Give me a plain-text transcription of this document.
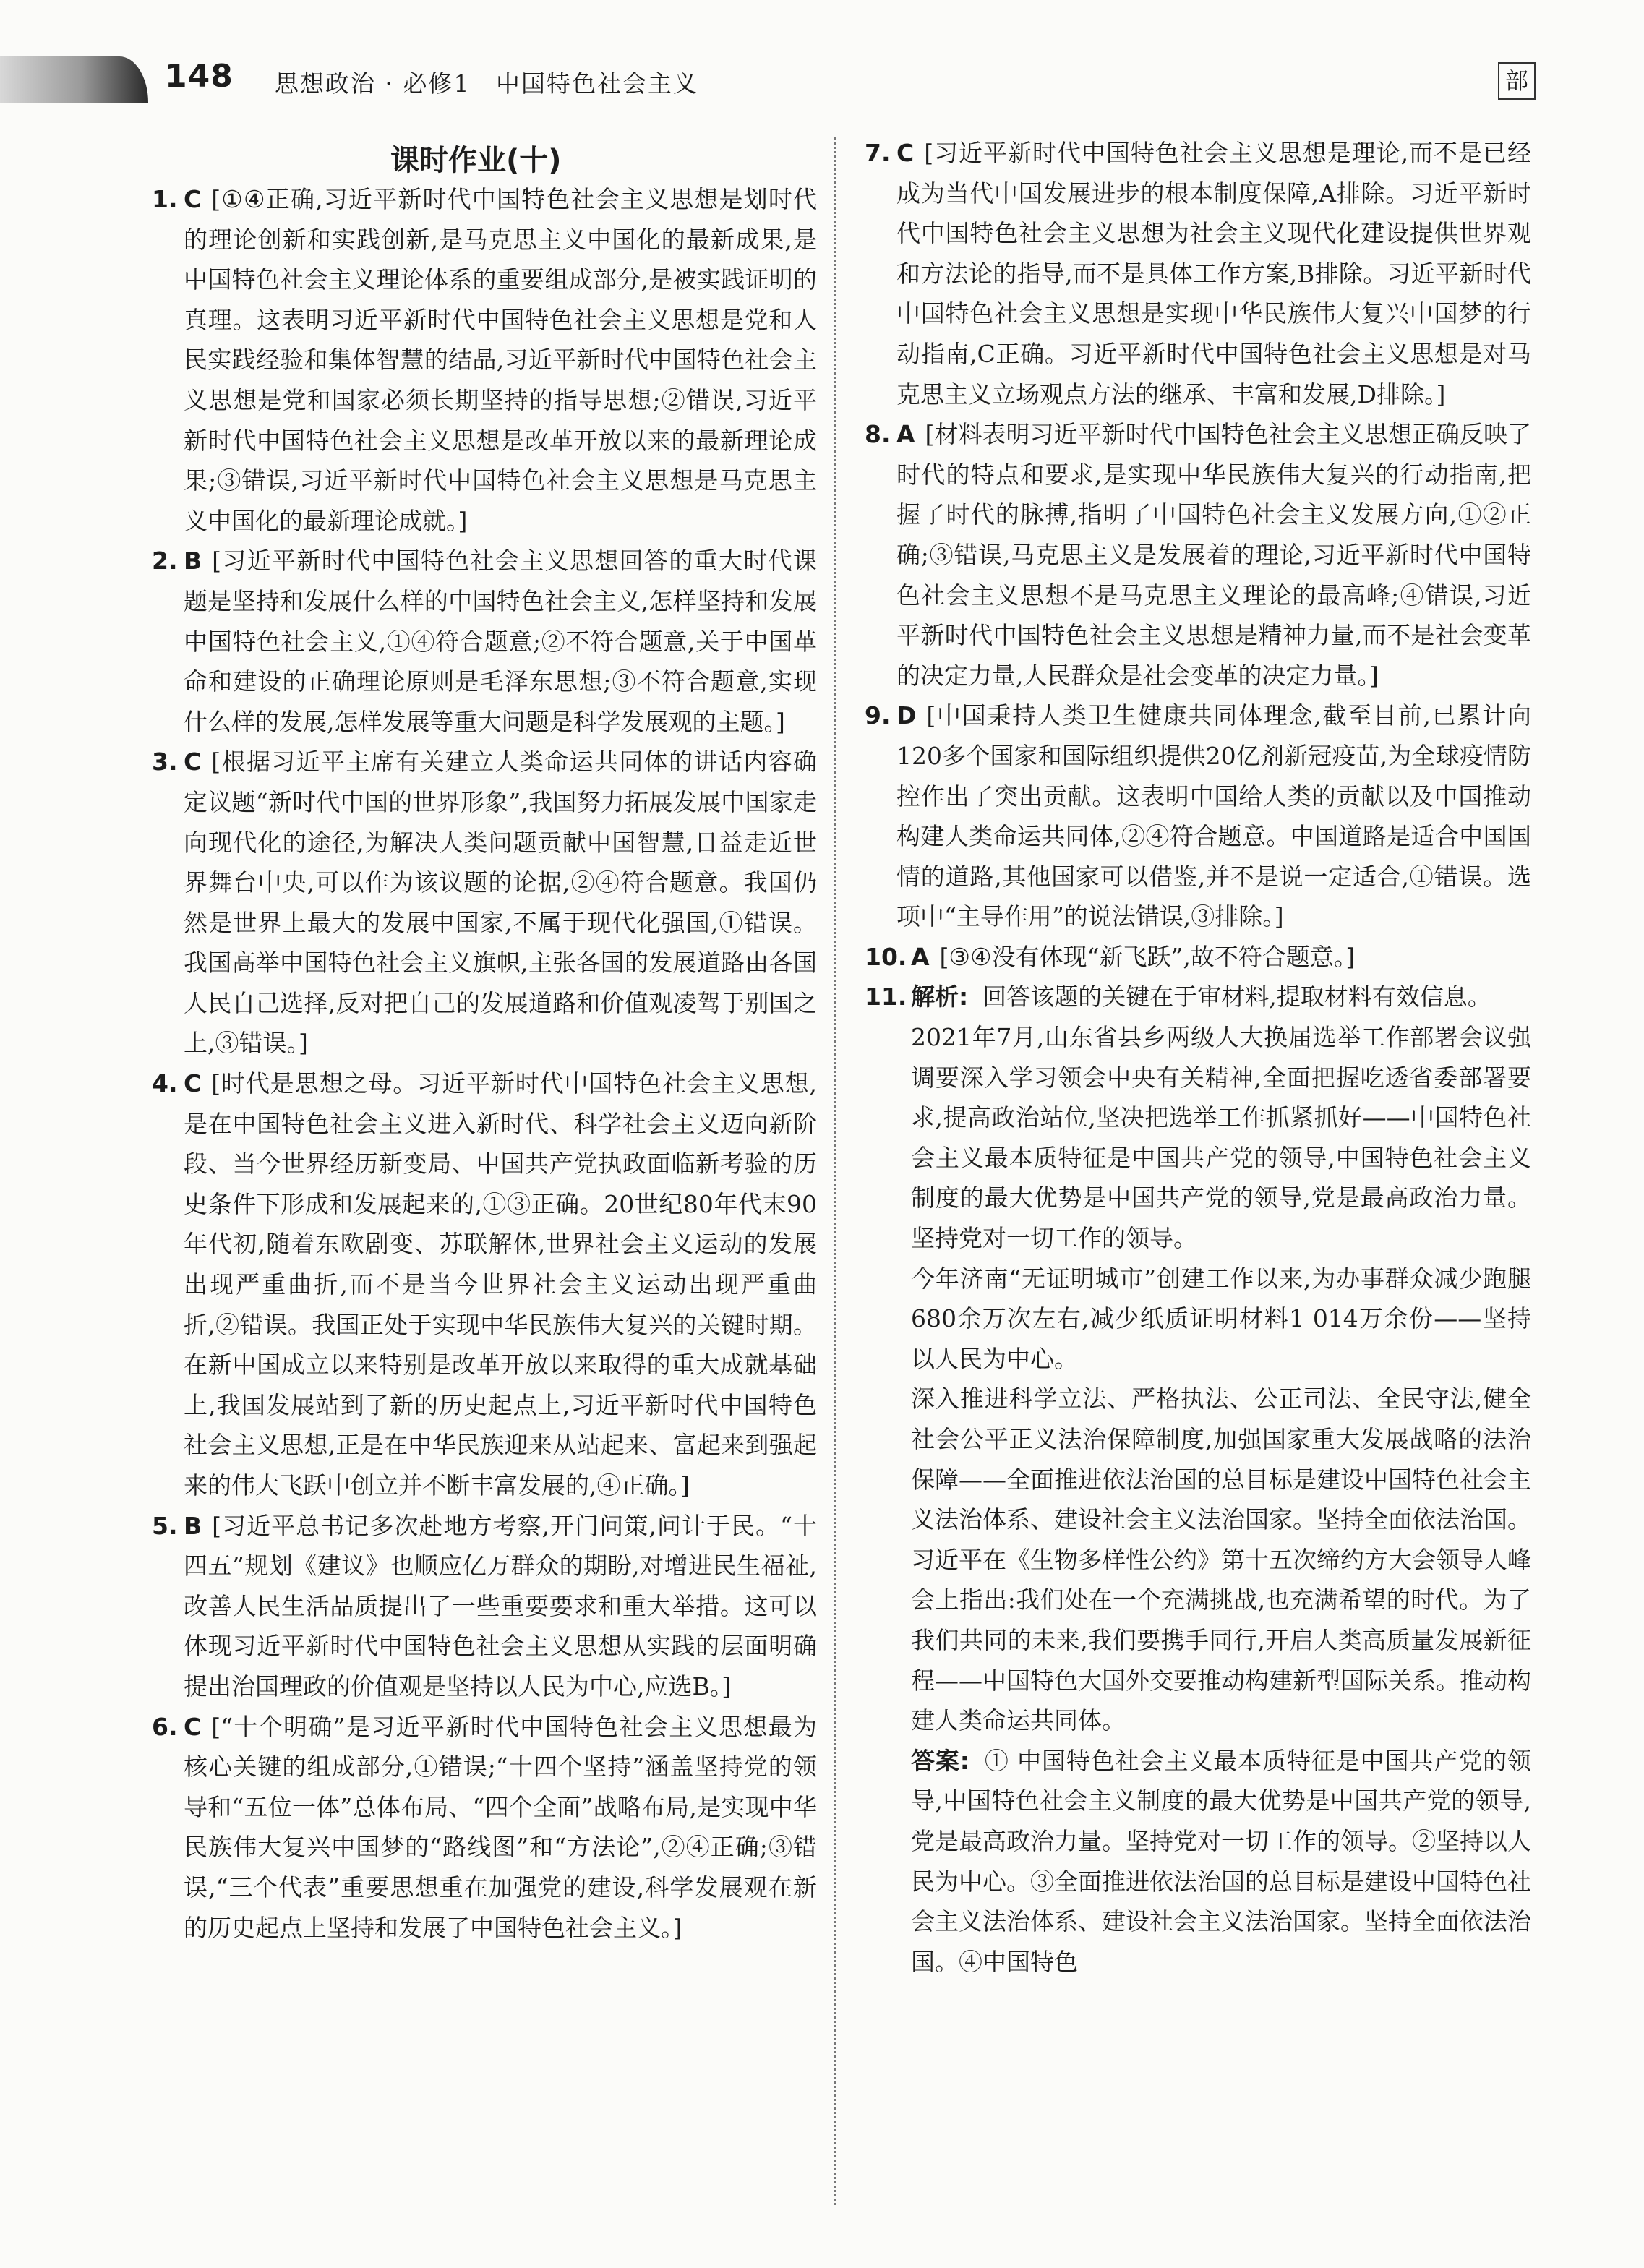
148 思想政治 · 必修1 中国特色社会主义	部
课时作业(十)
1. C [①④正确,习近平新时代中国特色社会主义思想是划时代的理论创新和实践创新,是马克思主义中国化的最新成果,是中国特色社会主义理论体系的重要组成部分,是被实践证明的真理。这表明习近平新时代中国特色社会主义思想是党和人民实践经验和集体智慧的结晶,习近平新时代中国特色社会主义思想是党和国家必须长期坚持的指导思想;②错误,习近平新时代中国特色社会主义思想是改革开放以来的最新理论成果;③错误,习近平新时代中国特色社会主义思想是马克思主义中国化的最新理论成就。]
2. B [习近平新时代中国特色社会主义思想回答的重大时代课题是坚持和发展什么样的中国特色社会主义,怎样坚持和发展中国特色社会主义,①④符合题意;②不符合题意,关于中国革命和建设的正确理论原则是毛泽东思想;③不符合题意,实现什么样的发展,怎样发展等重大问题是科学发展观的主题。]
3. C [根据习近平主席有关建立人类命运共同体的讲话内容确定议题“新时代中国的世界形象”,我国努力拓展发展中国家走向现代化的途径,为解决人类问题贡献中国智慧,日益走近世界舞台中央,可以作为该议题的论据,②④符合题意。我国仍然是世界上最大的发展中国家,不属于现代化强国,①错误。我国高举中国特色社会主义旗帜,主张各国的发展道路由各国人民自己选择,反对把自己的发展道路和价值观凌驾于别国之上,③错误。]
4. C [时代是思想之母。习近平新时代中国特色社会主义思想,是在中国特色社会主义进入新时代、科学社会主义迈向新阶段、当今世界经历新变局、中国共产党执政面临新考验的历史条件下形成和发展起来的,①③正确。20世纪80年代末90年代初,随着东欧剧变、苏联解体,世界社会主义运动的发展出现严重曲折,而不是当今世界社会主义运动出现严重曲折,②错误。我国正处于实现中华民族伟大复兴的关键时期。在新中国成立以来特别是改革开放以来取得的重大成就基础上,我国发展站到了新的历史起点上,习近平新时代中国特色社会主义思想,正是在中华民族迎来从站起来、富起来到强起来的伟大飞跃中创立并不断丰富发展的,④正确。]
5. B [习近平总书记多次赴地方考察,开门问策,问计于民。“十四五”规划《建议》也顺应亿万群众的期盼,对增进民生福祉,改善人民生活品质提出了一些重要要求和重大举措。这可以体现习近平新时代中国特色社会主义思想从实践的层面明确提出治国理政的价值观是坚持以人民为中心,应选B。]
6. C [“十个明确”是习近平新时代中国特色社会主义思想最为核心关键的组成部分,①错误;“十四个坚持”涵盖坚持党的领导和“五位一体”总体布局、“四个全面”战略布局,是实现中华民族伟大复兴中国梦的“路线图”和“方法论”,②④正确;③错误,“三个代表”重要思想重在加强党的建设,科学发展观在新的历史起点上坚持和发展了中国特色社会主义。]
7. C [习近平新时代中国特色社会主义思想是理论,而不是已经成为当代中国发展进步的根本制度保障,A排除。习近平新时代中国特色社会主义思想为社会主义现代化建设提供世界观和方法论的指导,而不是具体工作方案,B排除。习近平新时代中国特色社会主义思想是实现中华民族伟大复兴中国梦的行动指南,C正确。习近平新时代中国特色社会主义思想是对马克思主义立场观点方法的继承、丰富和发展,D排除。]
8. A [材料表明习近平新时代中国特色社会主义思想正确反映了时代的特点和要求,是实现中华民族伟大复兴的行动指南,把握了时代的脉搏,指明了中国特色社会主义发展方向,①②正确;③错误,马克思主义是发展着的理论,习近平新时代中国特色社会主义思想不是马克思主义理论的最高峰;④错误,习近平新时代中国特色社会主义思想是精神力量,而不是社会变革的决定力量,人民群众是社会变革的决定力量。]
9. D [中国秉持人类卫生健康共同体理念,截至目前,已累计向120多个国家和国际组织提供20亿剂新冠疫苗,为全球疫情防控作出了突出贡献。这表明中国给人类的贡献以及中国推动构建人类命运共同体,②④符合题意。中国道路是适合中国国情的道路,其他国家可以借鉴,并不是说一定适合,①错误。选项中“主导作用”的说法错误,③排除。]
10. A [③④没有体现“新飞跃”,故不符合题意。]
11. 解析: 回答该题的关键在于审材料,提取材料有效信息。

2021年7月,山东省县乡两级人大换届选举工作部署会议强调要深入学习领会中央有关精神,全面把握吃透省委部署要求,提高政治站位,坚决把选举工作抓紧抓好——中国特色社会主义最本质特征是中国共产党的领导,中国特色社会主义制度的最大优势是中国共产党的领导,党是最高政治力量。坚持党对一切工作的领导。

今年济南“无证明城市”创建工作以来,为办事群众减少跑腿680余万次左右,减少纸质证明材料1 014万余份——坚持以人民为中心。

深入推进科学立法、严格执法、公正司法、全民守法,健全社会公平正义法治保障制度,加强国家重大发展战略的法治保障——全面推进依法治国的总目标是建设中国特色社会主义法治体系、建设社会主义法治国家。坚持全面依法治国。

习近平在《生物多样性公约》第十五次缔约方大会领导人峰会上指出:我们处在一个充满挑战,也充满希望的时代。为了我们共同的未来,我们要携手同行,开启人类高质量发展新征程——中国特色大国外交要推动构建新型国际关系。推动构建人类命运共同体。

答案: ① 中国特色社会主义最本质特征是中国共产党的领导,中国特色社会主义制度的最大优势是中国共产党的领导,党是最高政治力量。坚持党对一切工作的领导。②坚持以人民为中心。③全面推进依法治国的总目标是建设中国特色社会主义法治体系、建设社会主义法治国家。坚持全面依法治国。④中国特色
